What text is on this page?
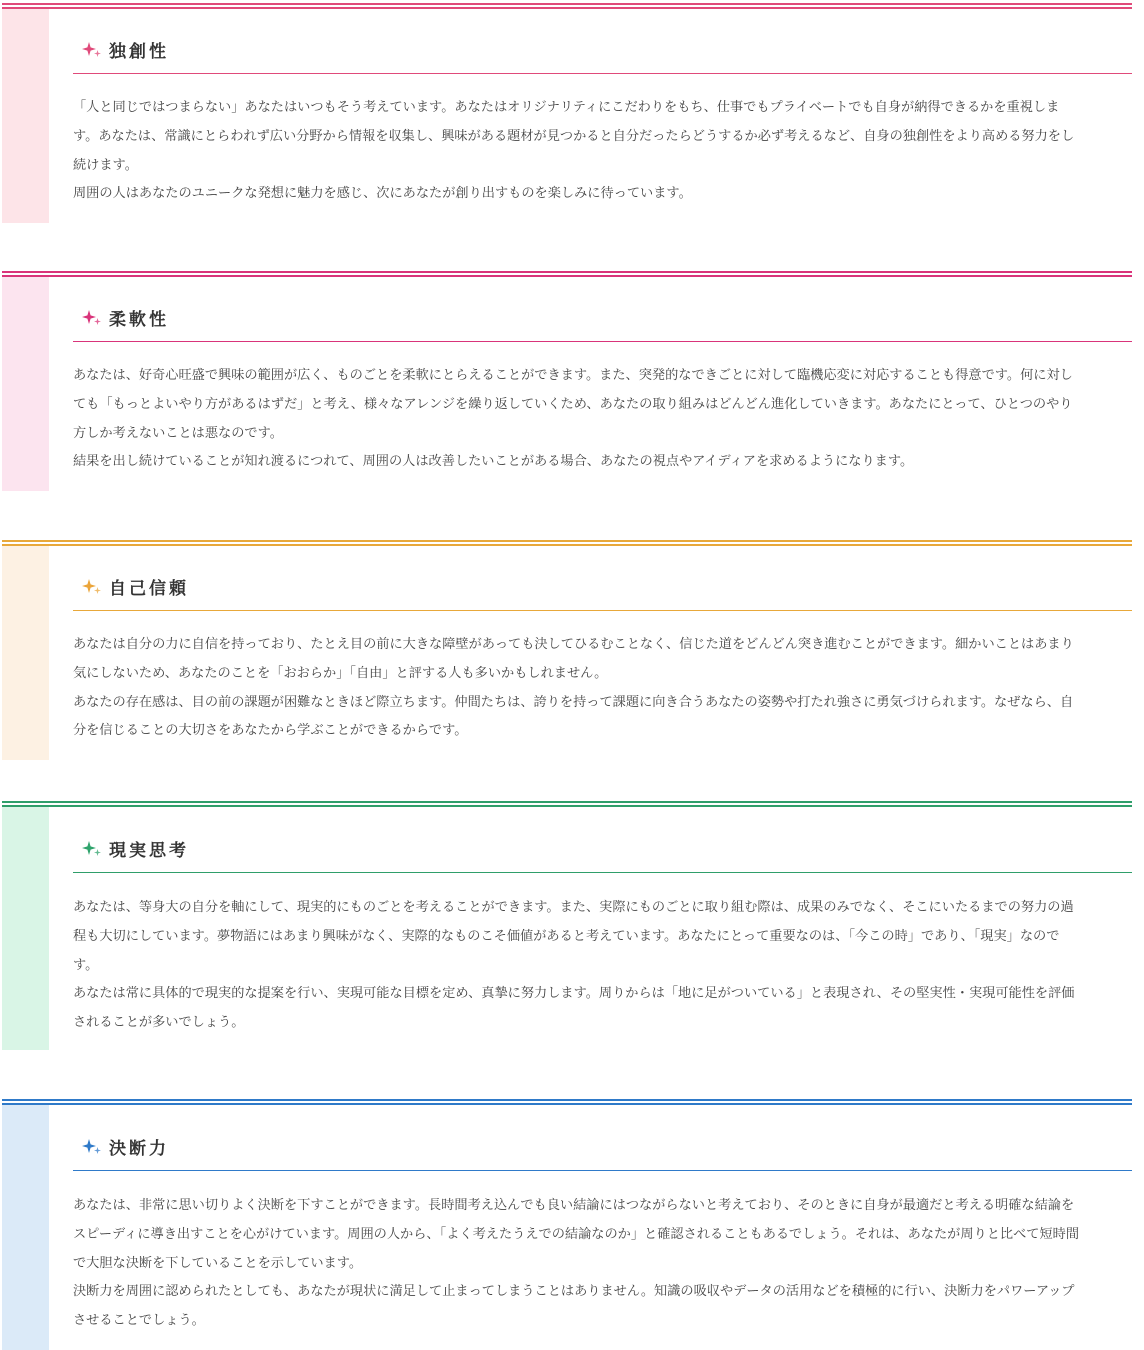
独創性

「人と同じではつまらない」あなたはいつもそう考えています。あなたはオリジナリティにこだわりをもち、仕事でもプライベートでも自身が納得できるかを重視します。あなたは、常識にとらわれず広い分野から情報を収集し、興味がある題材が見つかると自分だったらどうするか必ず考えるなど、自身の独創性をより高める努力をし続けます。

周囲の人はあなたのユニークな発想に魅力を感じ、次にあなたが創り出すものを楽しみに待っています。

柔軟性

あなたは、好奇心旺盛で興味の範囲が広く、ものごとを柔軟にとらえることができます。また、突発的なできごとに対して臨機応変に対応することも得意です。何に対しても「もっとよいやり方があるはずだ」と考え、様々なアレンジを繰り返していくため、あなたの取り組みはどんどん進化していきます。あなたにとって、ひとつのやり方しか考えないことは悪なのです。

結果を出し続けていることが知れ渡るにつれて、周囲の人は改善したいことがある場合、あなたの視点やアイディアを求めるようになります。

自己信頼

あなたは自分の力に自信を持っており、たとえ目の前に大きな障壁があっても決してひるむことなく、信じた道をどんどん突き進むことができます。細かいことはあまり気にしないため、あなたのことを「おおらか」「自由」と評する人も多いかもしれません。

あなたの存在感は、目の前の課題が困難なときほど際立ちます。仲間たちは、誇りを持って課題に向き合うあなたの姿勢や打たれ強さに勇気づけられます。なぜなら、自分を信じることの大切さをあなたから学ぶことができるからです。

現実思考

あなたは、等身大の自分を軸にして、現実的にものごとを考えることができます。また、実際にものごとに取り組む際は、成果のみでなく、そこにいたるまでの努力の過程も大切にしています。夢物語にはあまり興味がなく、実際的なものこそ価値があると考えています。あなたにとって重要なのは、「今この時」であり、「現実」なのです。

あなたは常に具体的で現実的な提案を行い、実現可能な目標を定め、真摯に努力します。周りからは「地に足がついている」と表現され、その堅実性・実現可能性を評価されることが多いでしょう。

決断力

あなたは、非常に思い切りよく決断を下すことができます。長時間考え込んでも良い結論にはつながらないと考えており、そのときに自身が最適だと考える明確な結論をスピーディに導き出すことを心がけています。周囲の人から、「よく考えたうえでの結論なのか」と確認されることもあるでしょう。それは、あなたが周りと比べて短時間で大胆な決断を下していることを示しています。

決断力を周囲に認められたとしても、あなたが現状に満足して止まってしまうことはありません。知識の吸収やデータの活用などを積極的に行い、決断力をパワーアップさせることでしょう。
